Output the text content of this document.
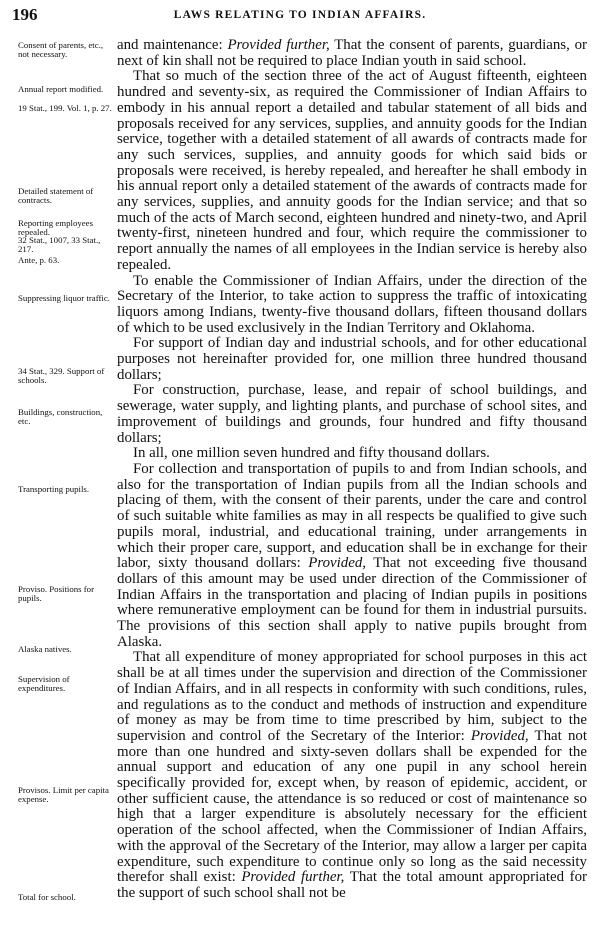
196	LAWS RELATING TO INDIAN AFFAIRS.
Consent of parents, etc., not necessary.
Annual report modified.
19 Stat., 199. Vol. 1, p. 27.
Detailed statement of contracts.
Reporting employees repealed.
32 Stat., 1007, 33 Stat., 217.
Ante, p. 63.
Suppressing liquor traffic.
34 Stat., 329. Support of schools.
Buildings, construction, etc.
Transporting pupils.
Proviso. Positions for pupils.
Alaska natives.
Supervision of expenditures.
Provisos. Limit per capita expense.
Total for school.

and maintenance: Provided further, That the consent of parents, guardians, or next of kin shall not be required to place Indian youth in said school.

That so much of the section three of the act of August fifteenth, eighteen hundred and seventy-six, as required the Commissioner of Indian Affairs to embody in his annual report a detailed and tabular statement of all bids and proposals received for any services, supplies, and annuity goods for the Indian service, together with a detailed statement of all awards of contracts made for any such services, supplies, and annuity goods for which said bids or proposals were received, is hereby repealed, and hereafter he shall embody in his annual report only a detailed statement of the awards of contracts made for any services, supplies, and annuity goods for the Indian service; and that so much of the acts of March second, eighteen hundred and ninety-two, and April twenty-first, nineteen hundred and four, which require the commissioner to report annually the names of all employees in the Indian service is hereby also repealed.

To enable the Commissioner of Indian Affairs, under the direction of the Secretary of the Interior, to take action to suppress the traffic of intoxicating liquors among Indians, twenty-five thousand dollars, fifteen thousand dollars of which to be used exclusively in the Indian Territory and Oklahoma.

For support of Indian day and industrial schools, and for other educational purposes not hereinafter provided for, one million three hundred thousand dollars;

For construction, purchase, lease, and repair of school buildings, and sewerage, water supply, and lighting plants, and purchase of school sites, and improvement of buildings and grounds, four hundred and fifty thousand dollars;

In all, one million seven hundred and fifty thousand dollars.

For collection and transportation of pupils to and from Indian schools, and also for the transportation of Indian pupils from all the Indian schools and placing of them, with the consent of their parents, under the care and control of such suitable white families as may in all respects be qualified to give such pupils moral, industrial, and educational training, under arrangements in which their proper care, support, and education shall be in exchange for their labor, sixty thousand dollars: Provided, That not exceeding five thousand dollars of this amount may be used under direction of the Commissioner of Indian Affairs in the transportation and placing of Indian pupils in positions where remunerative employment can be found for them in industrial pursuits. The provisions of this section shall apply to native pupils brought from Alaska.

That all expenditure of money appropriated for school purposes in this act shall be at all times under the supervision and direction of the Commissioner of Indian Affairs, and in all respects in conformity with such conditions, rules, and regulations as to the conduct and methods of instruction and expenditure of money as may be from time to time prescribed by him, subject to the supervision and control of the Secretary of the Interior: Provided, That not more than one hundred and sixty-seven dollars shall be expended for the annual support and education of any one pupil in any school herein specifically provided for, except when, by reason of epidemic, accident, or other sufficient cause, the attendance is so reduced or cost of maintenance so high that a larger expenditure is absolutely necessary for the efficient operation of the school affected, when the Commissioner of Indian Affairs, with the approval of the Secretary of the Interior, may allow a larger per capita expenditure, such expenditure to continue only so long as the said necessity therefor shall exist: Provided further, That the total amount appropriated for the support of such school shall not be
